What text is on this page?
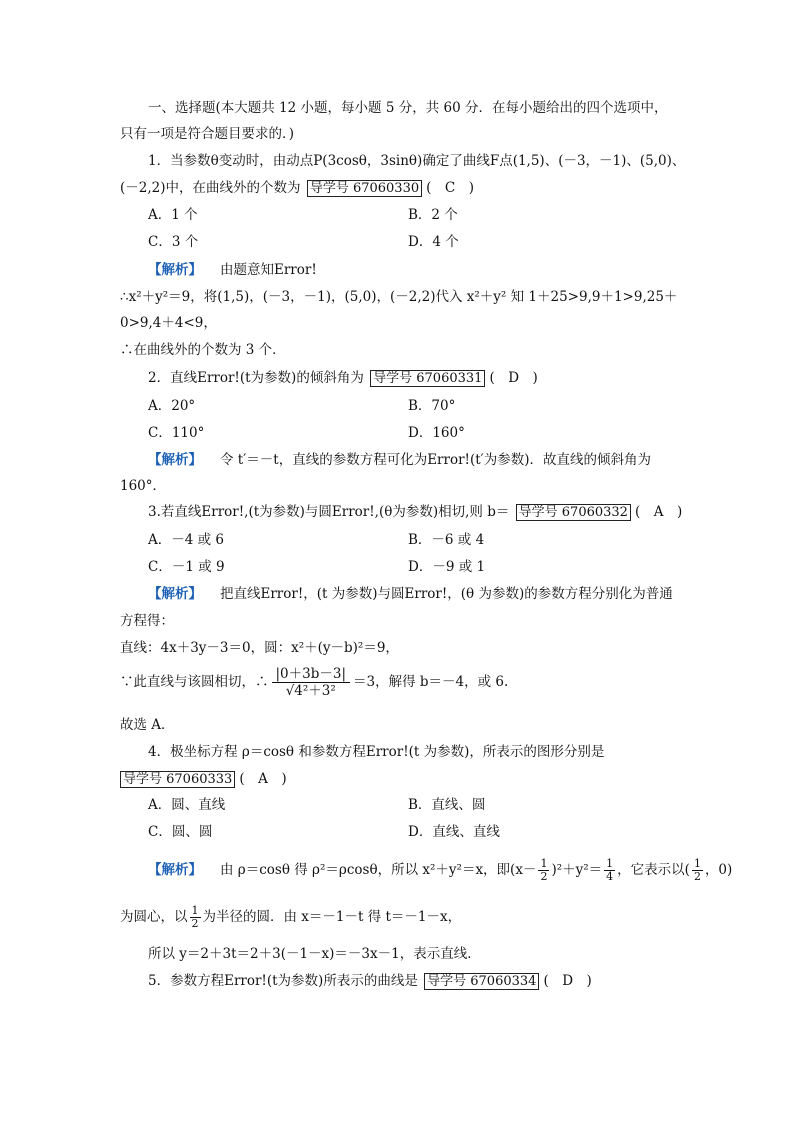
一、选择题(本大题共 12 小题，每小题 5 分，共 60 分．在每小题给出的四个选项中，
只有一项是符合题目要求的．)
1．当参数θ变动时，由动点P(3cosθ，3sinθ)确定了曲线F点(1,5)、(－3，－1)、(5,0)、
(－2,2)中，在曲线外的个数为 导学号 67060330 (　C　)
A．1 个	B．2 个
C．3 个	D．4 个
【解析】 由题意知Error!
∴x²＋y²＝9，将(1,5)，(－3，－1)，(5,0)，(－2,2)代入 x²＋y² 知 1＋25>9,9＋1>9,25＋
0>9,4＋4<9，
∴在曲线外的个数为 3 个．
2．直线Error!(t为参数)的倾斜角为 导学号 67060331 (　D　)
A．20°	B．70°
C．110°	D．160°
【解析】 令 t′＝－t，直线的参数方程可化为Error!(t′为参数)．故直线的倾斜角为
160°．
3.若直线Error!,(t为参数)与圆Error!,(θ为参数)相切,则 b＝ 导学号 67060332 (　A　)
A．－4 或 6	B．－6 或 4
C．－1 或 9	D．－9 或 1
【解析】 把直线Error!，(t 为参数)与圆Error!，(θ 为参数)的参数方程分别化为普通
方程得：
直线：4x＋3y－3＝0，圆：x²＋(y－b)²＝9，
∵此直线与该圆相切，∴ $\frac{|0+3b-3|}{\text{√4²＋3²}} =3$，解得 b＝－4，或 6.
故选 A．
4．极坐标方程 ρ＝cosθ 和参数方程Error!(t 为参数)，所表示的图形分别是
导学号 67060333 (　A　)
A．圆、直线	B．直线、圆
C．圆、圆	D．直线、直线
【解析】 由 ρ＝cosθ 得 ρ²＝ρcosθ，所以 x²＋y²＝x，即$(x- \frac{1}{2} )^2+y^2= \frac{1}{4}$ ，它表示以( $\frac{1}{2}$ ，0)
为圆心，以 $\frac{1}{2}$ 为半径的圆．由 x＝－1－t 得 t＝－1－x，
所以 y＝2＋3t＝2＋3(－1－x)＝－3x－1，表示直线．
5．参数方程Error!(t为参数)所表示的曲线是 导学号 67060334 (　D　)
